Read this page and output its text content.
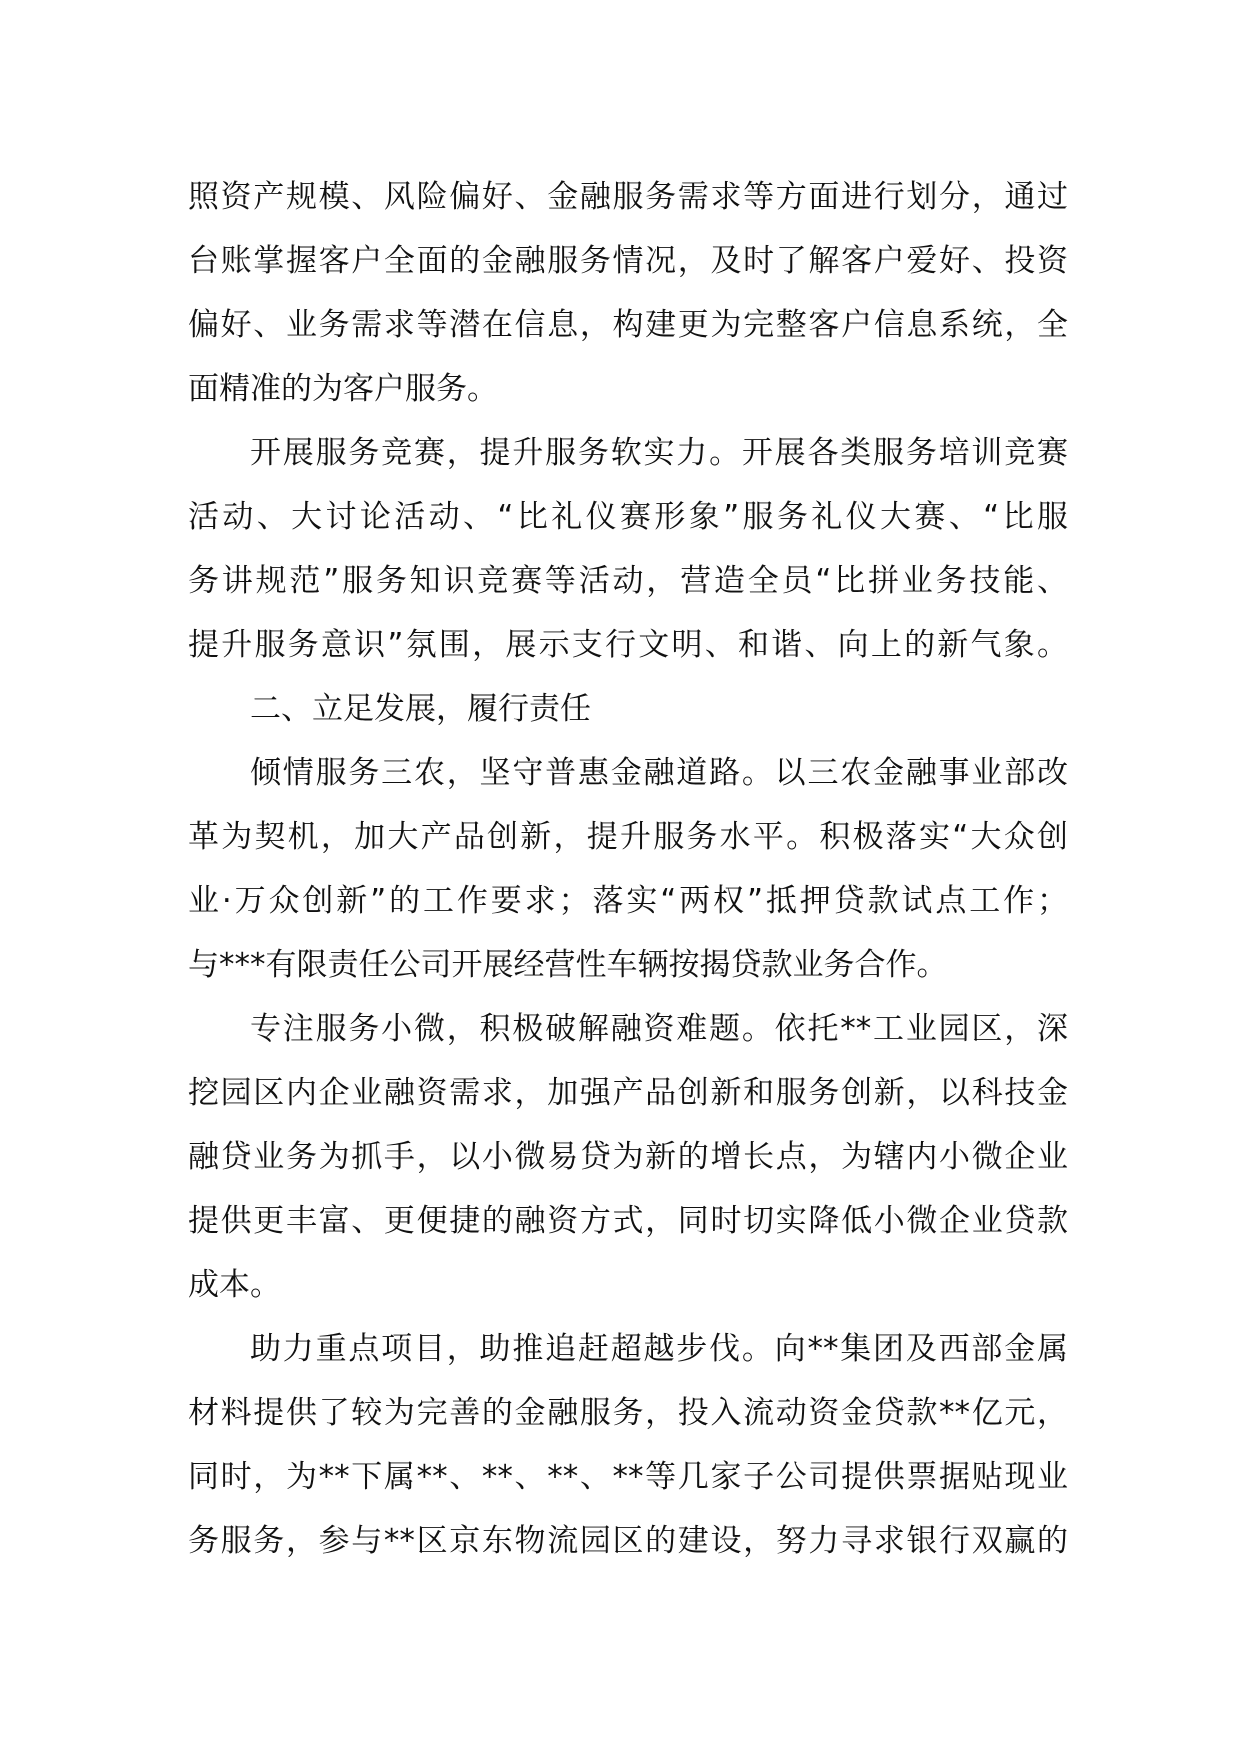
照资产规模、风险偏好、金融服务需求等方面进行划分，通过
台账掌握客户全面的金融服务情况，及时了解客户爱好、投资
偏好、业务需求等潜在信息，构建更为完整客户信息系统，全
面精准的为客户服务。
开展服务竞赛，提升服务软实力。开展各类服务培训竞赛
活动、大讨论活动、“比礼仪赛形象”服务礼仪大赛、“比服
务讲规范”服务知识竞赛等活动，营造全员“比拼业务技能、
提升服务意识”氛围，展示支行文明、和谐、向上的新气象。
二、立足发展，履行责任
倾情服务三农，坚守普惠金融道路。以三农金融事业部改
革为契机，加大产品创新，提升服务水平。积极落实“大众创
业·万众创新”的工作要求；落实“两权”抵押贷款试点工作；
与***有限责任公司开展经营性车辆按揭贷款业务合作。
专注服务小微，积极破解融资难题。依托**工业园区，深
挖园区内企业融资需求，加强产品创新和服务创新，以科技金
融贷业务为抓手，以小微易贷为新的增长点，为辖内小微企业
提供更丰富、更便捷的融资方式，同时切实降低小微企业贷款
成本。
助力重点项目，助推追赶超越步伐。向**集团及西部金属
材料提供了较为完善的金融服务，投入流动资金贷款**亿元，
同时，为**下属**、**、**、**等几家子公司提供票据贴现业
务服务，参与**区京东物流园区的建设，努力寻求银行双赢的
